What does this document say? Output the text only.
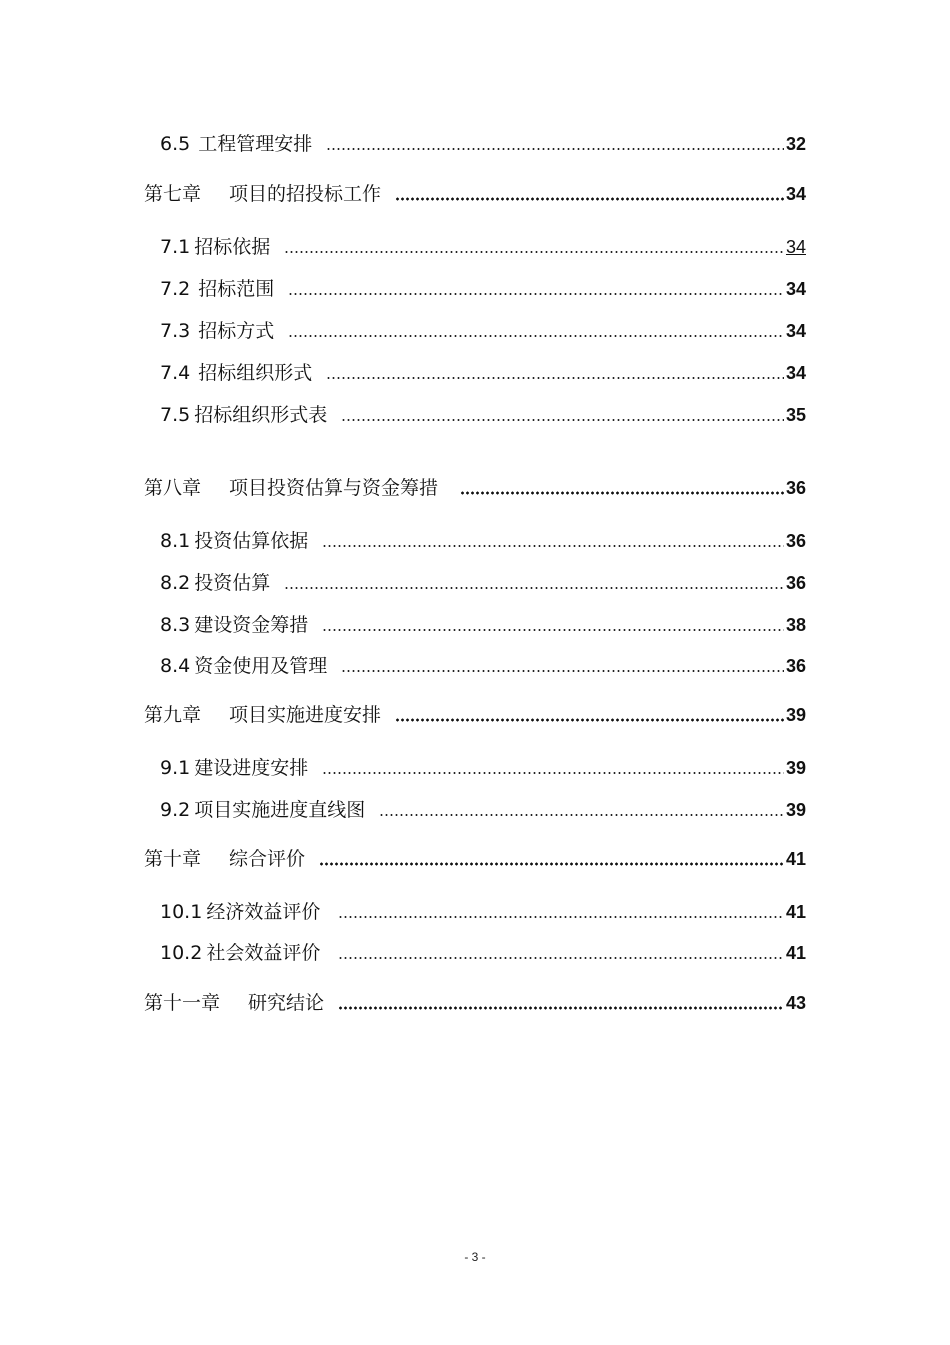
6.5 工程管理安排	32
第七章 项目的招投标工作	34
7.1 招标依据	34
7.2 招标范围	34
7.3 招标方式	34
7.4 招标组织形式	34
7.5 招标组织形式表	35
第八章 项目投资估算与资金筹措	36
8.1 投资估算依据	36
8.2 投资估算	36
8.3 建设资金筹措	38
8.4 资金使用及管理	36
第九章 项目实施进度安排	39
9.1 建设进度安排	39
9.2 项目实施进度直线图	39
第十章 综合评价	41
10.1 经济效益评价	41
10.2 社会效益评价	41
第十一章 研究结论	43
- 3 -
